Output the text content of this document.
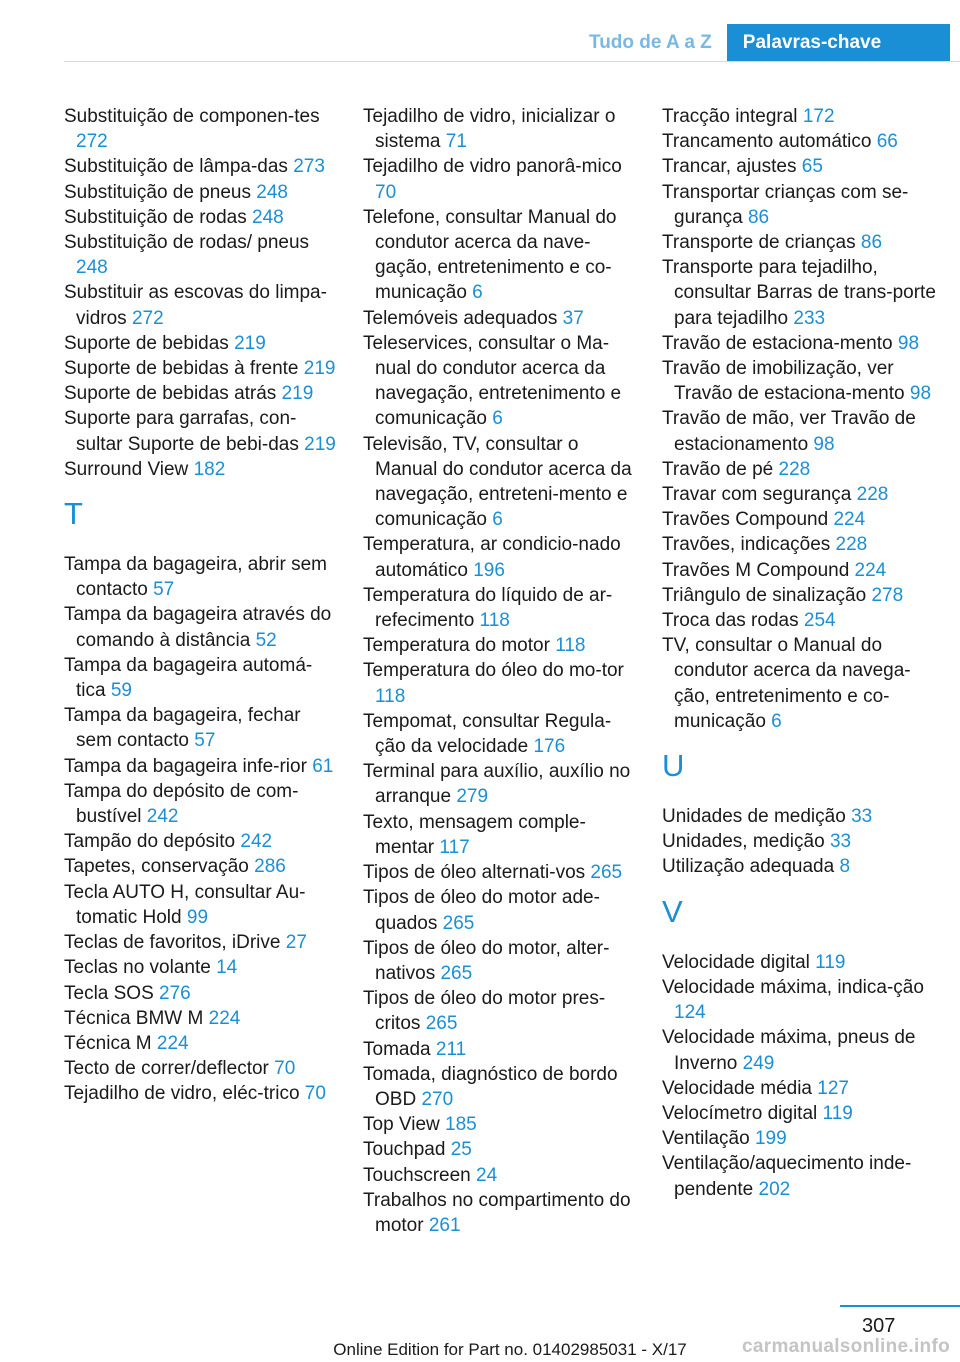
Tudo de A a Z	Palavras-chave
Substituição de componen-tes 272
Substituição de lâmpa-das 273
Substituição de pneus 248
Substituição de rodas 248
Substituição de rodas/ pneus 248
Substituir as escovas do limpa-vidros 272
Suporte de bebidas 219
Suporte de bebidas à frente 219
Suporte de bebidas atrás 219
Suporte para garrafas, con-sultar Suporte de bebi-das 219
Surround View 182
T
Tampa da bagageira, abrir sem contacto 57
Tampa da bagageira através do comando à distância 52
Tampa da bagageira automá-tica 59
Tampa da bagageira, fechar sem contacto 57
Tampa da bagageira infe-rior 61
Tampa do depósito de com-bustível 242
Tampão do depósito 242
Tapetes, conservação 286
Tecla AUTO H, consultar Au-tomatic Hold 99
Teclas de favoritos, iDrive 27
Teclas no volante 14
Tecla SOS 276
Técnica BMW M 224
Técnica M 224
Tecto de correr/deflector 70
Tejadilho de vidro, eléc-trico 70
Tejadilho de vidro, inicializar o sistema 71
Tejadilho de vidro panorâ-mico 70
Telefone, consultar Manual do condutor acerca da nave-gação, entretenimento e co-municação 6
Telemóveis adequados 37
Teleservices, consultar o Ma-nual do condutor acerca da navegação, entretenimento e comunicação 6
Televisão, TV, consultar o Manual do condutor acerca da navegação, entreteni-mento e comunicação 6
Temperatura, ar condicio-nado automático 196
Temperatura do líquido de ar-refecimento 118
Temperatura do motor 118
Temperatura do óleo do mo-tor 118
Tempomat, consultar Regula-ção da velocidade 176
Terminal para auxílio, auxílio no arranque 279
Texto, mensagem comple-mentar 117
Tipos de óleo alternati-vos 265
Tipos de óleo do motor ade-quados 265
Tipos de óleo do motor, alter-nativos 265
Tipos de óleo do motor pres-critos 265
Tomada 211
Tomada, diagnóstico de bordo OBD 270
Top View 185
Touchpad 25
Touchscreen 24
Trabalhos no compartimento do motor 261
Tracção integral 172
Trancamento automático 66
Trancar, ajustes 65
Transportar crianças com se-gurança 86
Transporte de crianças 86
Transporte para tejadilho, consultar Barras de trans-porte para tejadilho 233
Travão de estaciona-mento 98
Travão de imobilização, ver Travão de estaciona-mento 98
Travão de mão, ver Travão de estacionamento 98
Travão de pé 228
Travar com segurança 228
Travões Compound 224
Travões, indicações 228
Travões M Compound 224
Triângulo de sinalização 278
Troca das rodas 254
TV, consultar o Manual do condutor acerca da navega-ção, entretenimento e co-municação 6
U
Unidades de medição 33
Unidades, medição 33
Utilização adequada 8
V
Velocidade digital 119
Velocidade máxima, indica-ção 124
Velocidade máxima, pneus de Inverno 249
Velocidade média 127
Velocímetro digital 119
Ventilação 199
Ventilação/aquecimento inde-pendente 202
307
Online Edition for Part no. 01402985031 - X/17	carmanualsonline.info
